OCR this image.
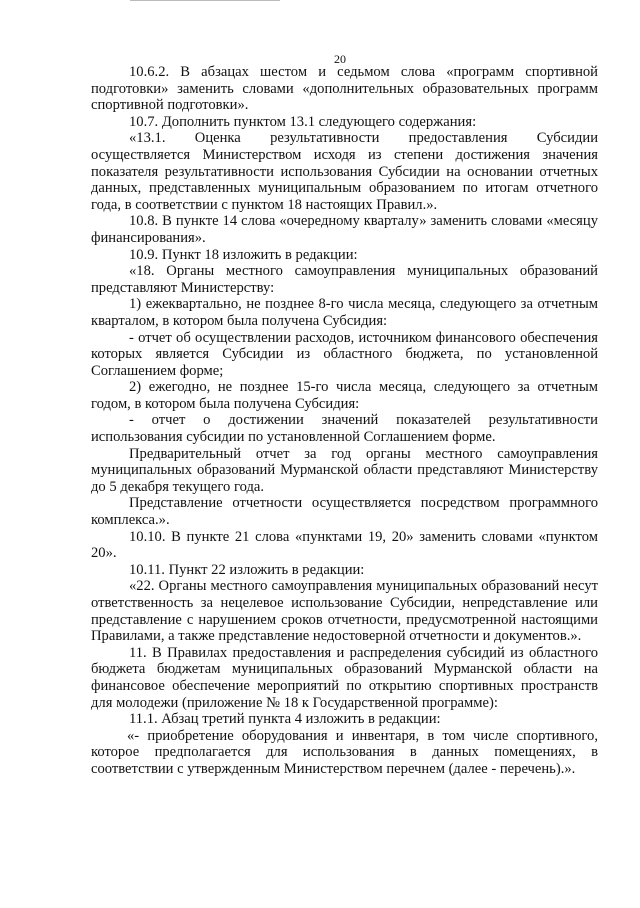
20

10.6.2. В абзацах шестом и седьмом слова «программ спортивной подготовки» заменить словами «дополнительных образовательных программ спортивной подготовки».

10.7. Дополнить пунктом 13.1 следующего содержания:

«13.1. Оценка результативности предоставления Субсидии осуществляется Министерством исходя из степени достижения значения показателя результативности использования Субсидии на основании отчетных данных, представленных муниципальным образованием по итогам отчетного года, в соответствии с пунктом 18 настоящих Правил.».

10.8. В пункте 14 слова «очередному кварталу» заменить словами «месяцу финансирования».

10.9. Пункт 18 изложить в редакции:

«18. Органы местного самоуправления муниципальных образований представляют Министерству:

1) ежеквартально, не позднее 8-го числа месяца, следующего за отчетным кварталом, в котором была получена Субсидия:

- отчет об осуществлении расходов, источником финансового обеспечения которых является Субсидии из областного бюджета, по установленной Соглашением форме;

2) ежегодно, не позднее 15-го числа месяца, следующего за отчетным годом, в котором была получена Субсидия:

- отчет о достижении значений показателей результативности использования субсидии по установленной Соглашением форме.

Предварительный отчет за год органы местного самоуправления муниципальных образований Мурманской области представляют Министерству до 5 декабря текущего года.

Представление отчетности осуществляется посредством программного комплекса.».

10.10. В пункте 21 слова «пунктами 19, 20» заменить словами «пунктом 20».

10.11. Пункт 22 изложить в редакции:

«22. Органы местного самоуправления муниципальных образований несут ответственность за нецелевое использование Субсидии, непредставление или представление с нарушением сроков отчетности, предусмотренной настоящими Правилами, а также представление недостоверной отчетности и документов.».

11. В Правилах предоставления и распределения субсидий из областного бюджета бюджетам муниципальных образований Мурманской области на финансовое обеспечение мероприятий по открытию спортивных пространств для молодежи (приложение № 18 к Государственной программе):

11.1. Абзац третий пункта 4 изложить в редакции:

«- приобретение оборудования и инвентаря, в том числе спортивного, которое предполагается для использования в данных помещениях, в соответствии с утвержденным Министерством перечнем (далее - перечень).».
